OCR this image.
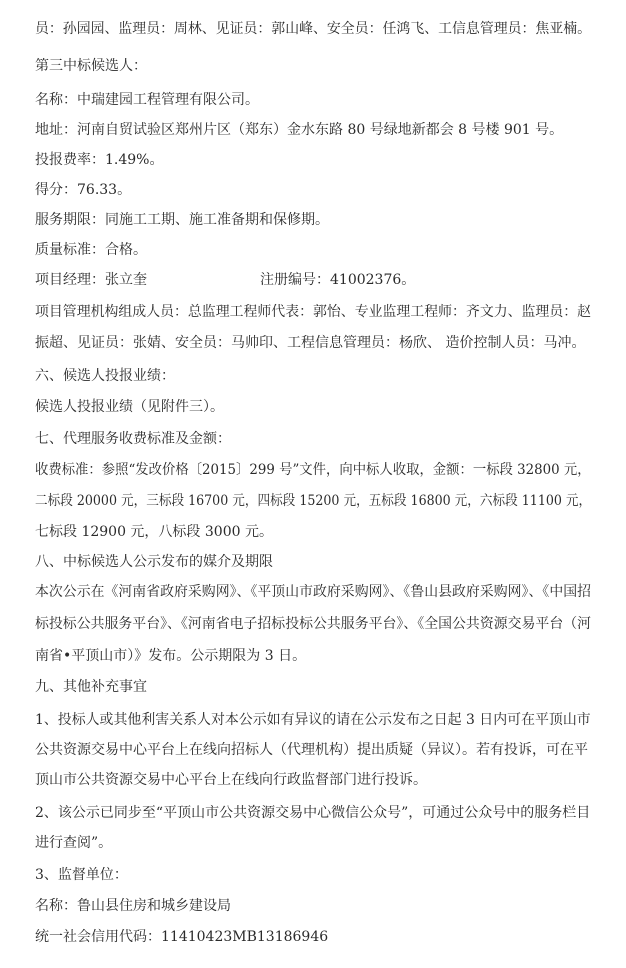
员：孙园园、监理员：周林、见证员：郭山峰、安全员：任鸿飞、工信息管理员：焦亚楠。
第三中标候选人：
名称：中瑞建园工程管理有限公司。
地址：河南自贸试验区郑州片区（郑东）金水东路 80 号绿地新都会 8 号楼 901 号。
投报费率：1.49%。
得分：76.33。
服务期限：同施工工期、施工准备期和保修期。
质量标准：合格。
项目经理：张立奎	注册编号：41002376。
项目管理机构组成人员：总监理工程师代表：郭怡、专业监理工程师：齐文力、监理员：赵
振超、见证员：张婧、安全员：马帅印、工程信息管理员：杨欣、 造价控制人员：马冲。
六、候选人投报业绩：
候选人投报业绩（见附件三）。
七、代理服务收费标准及金额：
收费标准：参照“发改价格〔2015〕299 号”文件，向中标人收取，金额：一标段 32800 元，
二标段 20000 元，三标段 16700 元，四标段 15200 元，五标段 16800 元，六标段 11100 元，
七标段 12900 元，八标段 3000 元。
八、中标候选人公示发布的媒介及期限
本次公示在《河南省政府采购网》、《平顶山市政府采购网》、《鲁山县政府采购网》、《中国招
标投标公共服务平台》、《河南省电子招标投标公共服务平台》、《全国公共资源交易平台（河
南省•平顶山市）》发布。公示期限为 3 日。
九、其他补充事宜
1、投标人或其他利害关系人对本公示如有异议的请在公示发布之日起 3 日内可在平顶山市
公共资源交易中心平台上在线向招标人（代理机构）提出质疑（异议）。若有投诉，可在平
顶山市公共资源交易中心平台上在线向行政监督部门进行投诉。
2、该公示已同步至“平顶山市公共资源交易中心微信公众号”，可通过公众号中的服务栏目
进行查阅”。
3、监督单位：
名称：鲁山县住房和城乡建设局
统一社会信用代码：11410423MB13186946
